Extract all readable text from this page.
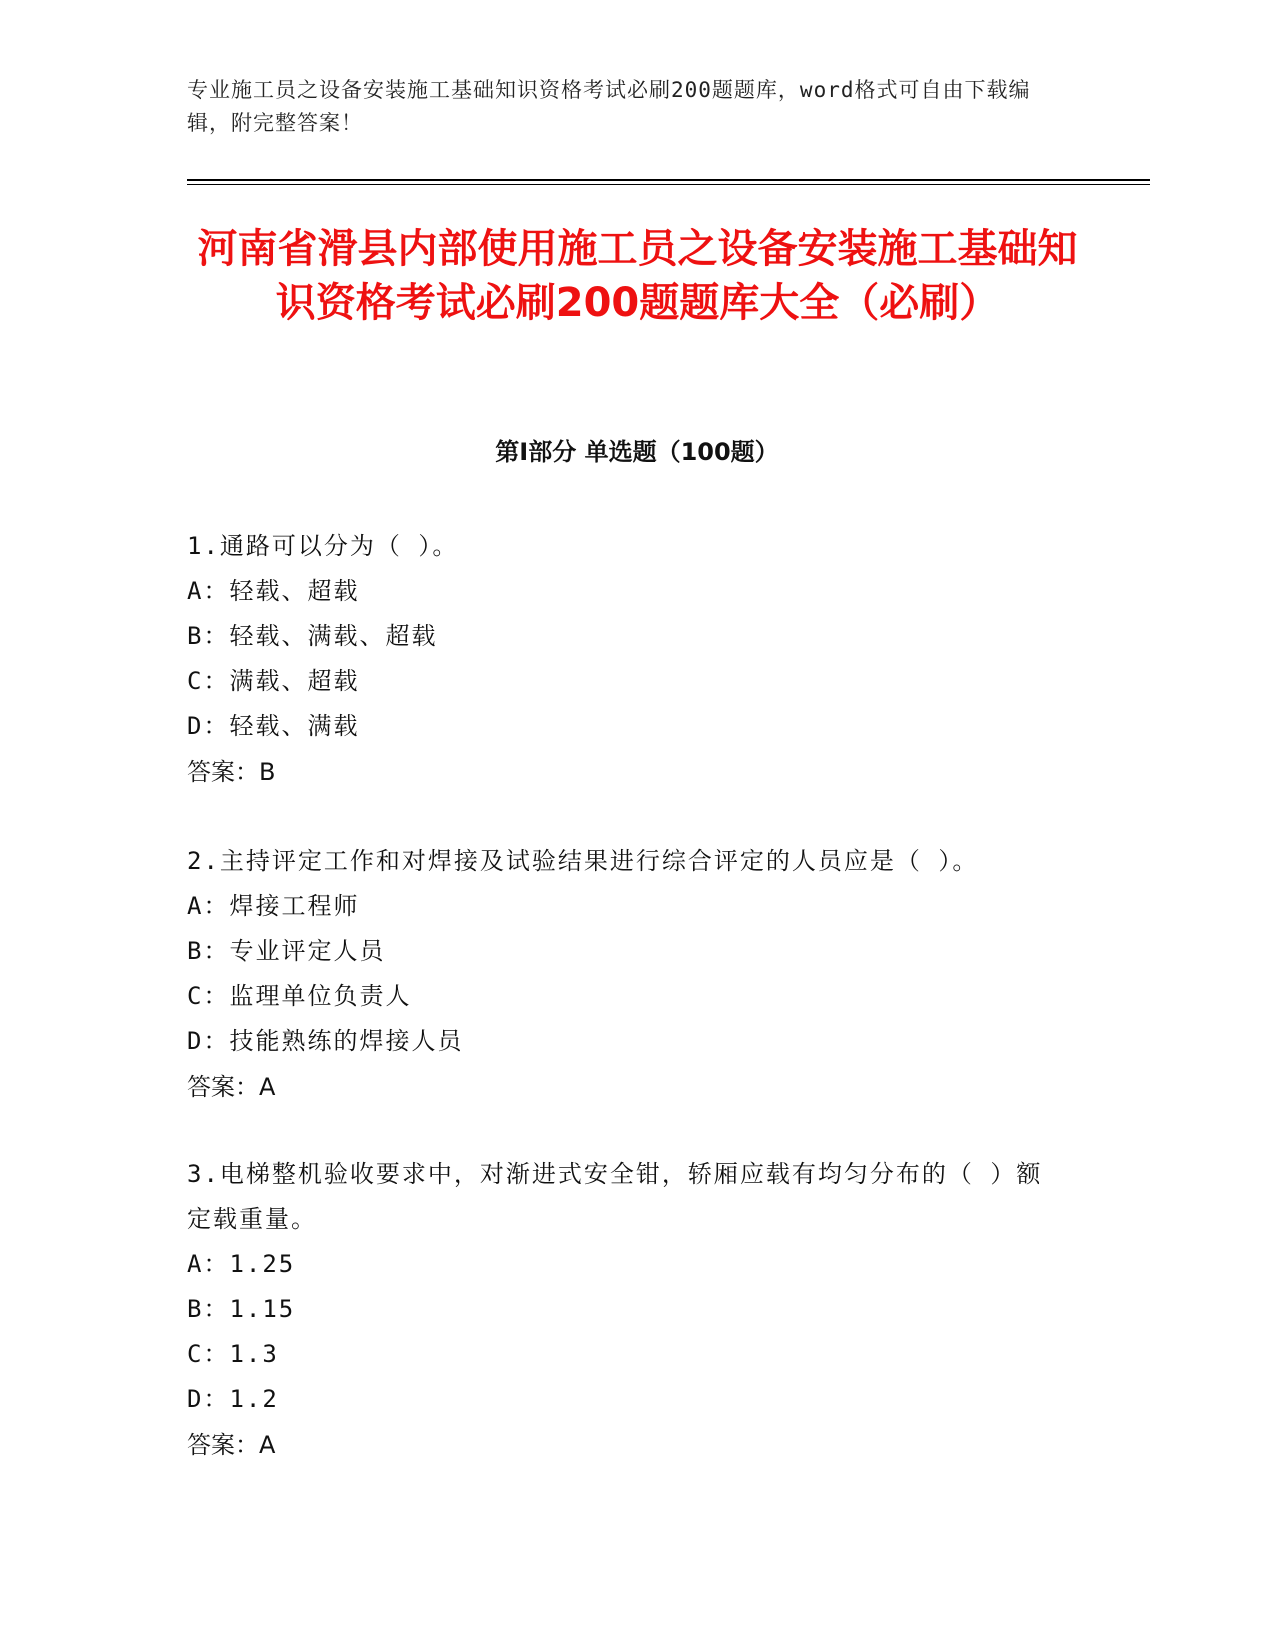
专业施工员之设备安装施工基础知识资格考试必刷200题题库，word格式可自由下载编辑，附完整答案！
河南省滑县内部使用施工员之设备安装施工基础知识资格考试必刷200题题库大全（必刷）
第I部分 单选题（100题）
1.通路可以分为（ ）。
A：轻载、超载
B：轻载、满载、超载
C：满载、超载
D：轻载、满载
答案：B
2.主持评定工作和对焊接及试验结果进行综合评定的人员应是（ ）。
A：焊接工程师
B：专业评定人员
C：监理单位负责人
D：技能熟练的焊接人员
答案：A
3.电梯整机验收要求中，对渐进式安全钳，轿厢应载有均匀分布的（ ）额定载重量。
A：1.25
B：1.15
C：1.3
D：1.2
答案：A
